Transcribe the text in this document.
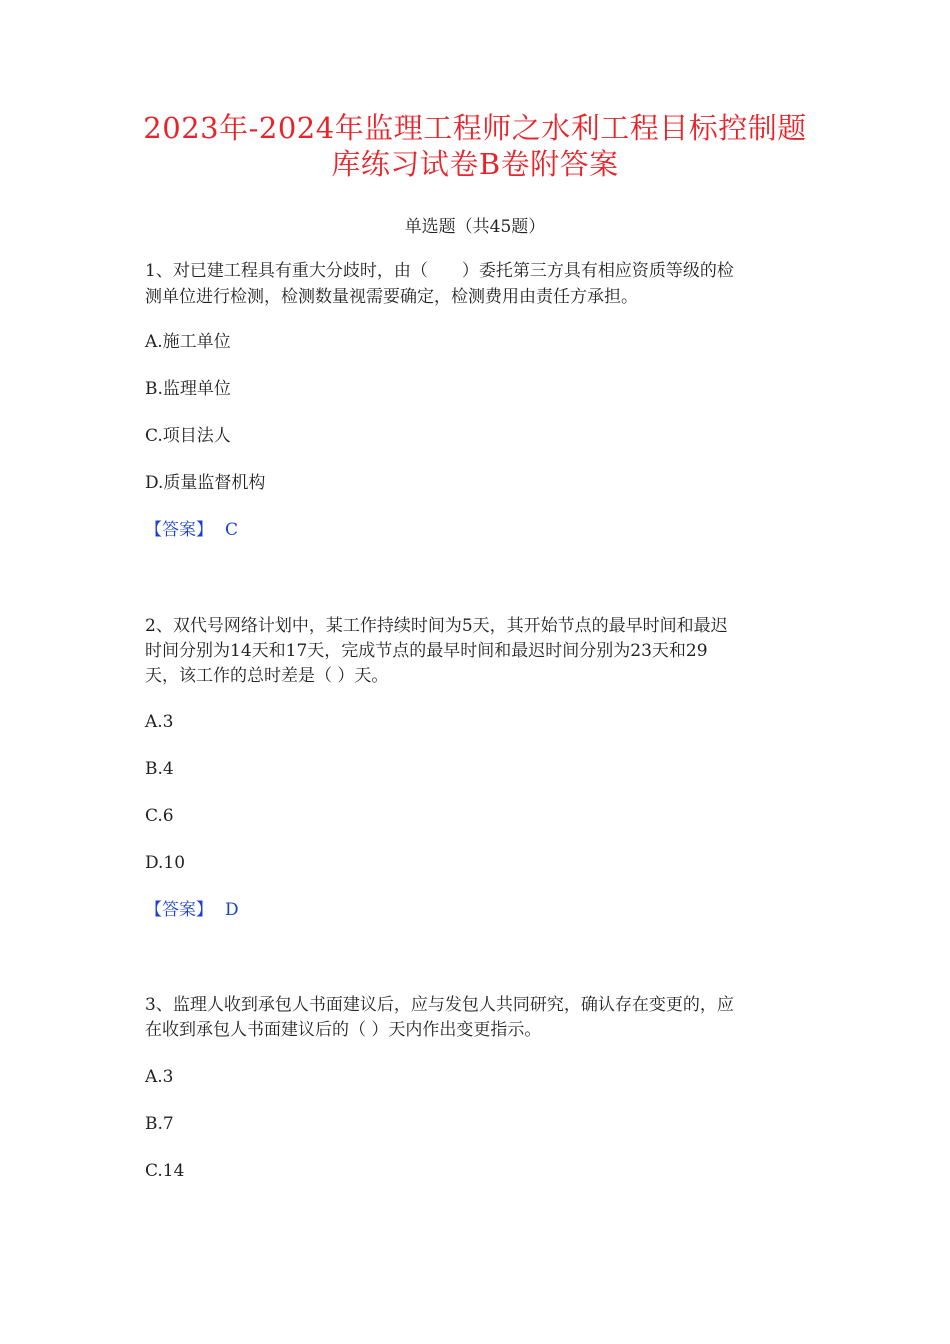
2023年-2024年监理工程师之水利工程目标控制题
库练习试卷B卷附答案
单选题（共45题）
1、对已建工程具有重大分歧时，由（　　）委托第三方具有相应资质等级的检
测单位进行检测，检测数量视需要确定，检测费用由责任方承担。
A.施工单位
B.监理单位
C.项目法人
D.质量监督机构
【答案】 C
2、双代号网络计划中，某工作持续时间为5天，其开始节点的最早时间和最迟
时间分别为14天和17天，完成节点的最早时间和最迟时间分别为23天和29
天，该工作的总时差是（ ）天。
A.3
B.4
C.6
D.10
【答案】 D
3、监理人收到承包人书面建议后，应与发包人共同研究，确认存在变更的，应
在收到承包人书面建议后的（ ）天内作出变更指示。
A.3
B.7
C.14
